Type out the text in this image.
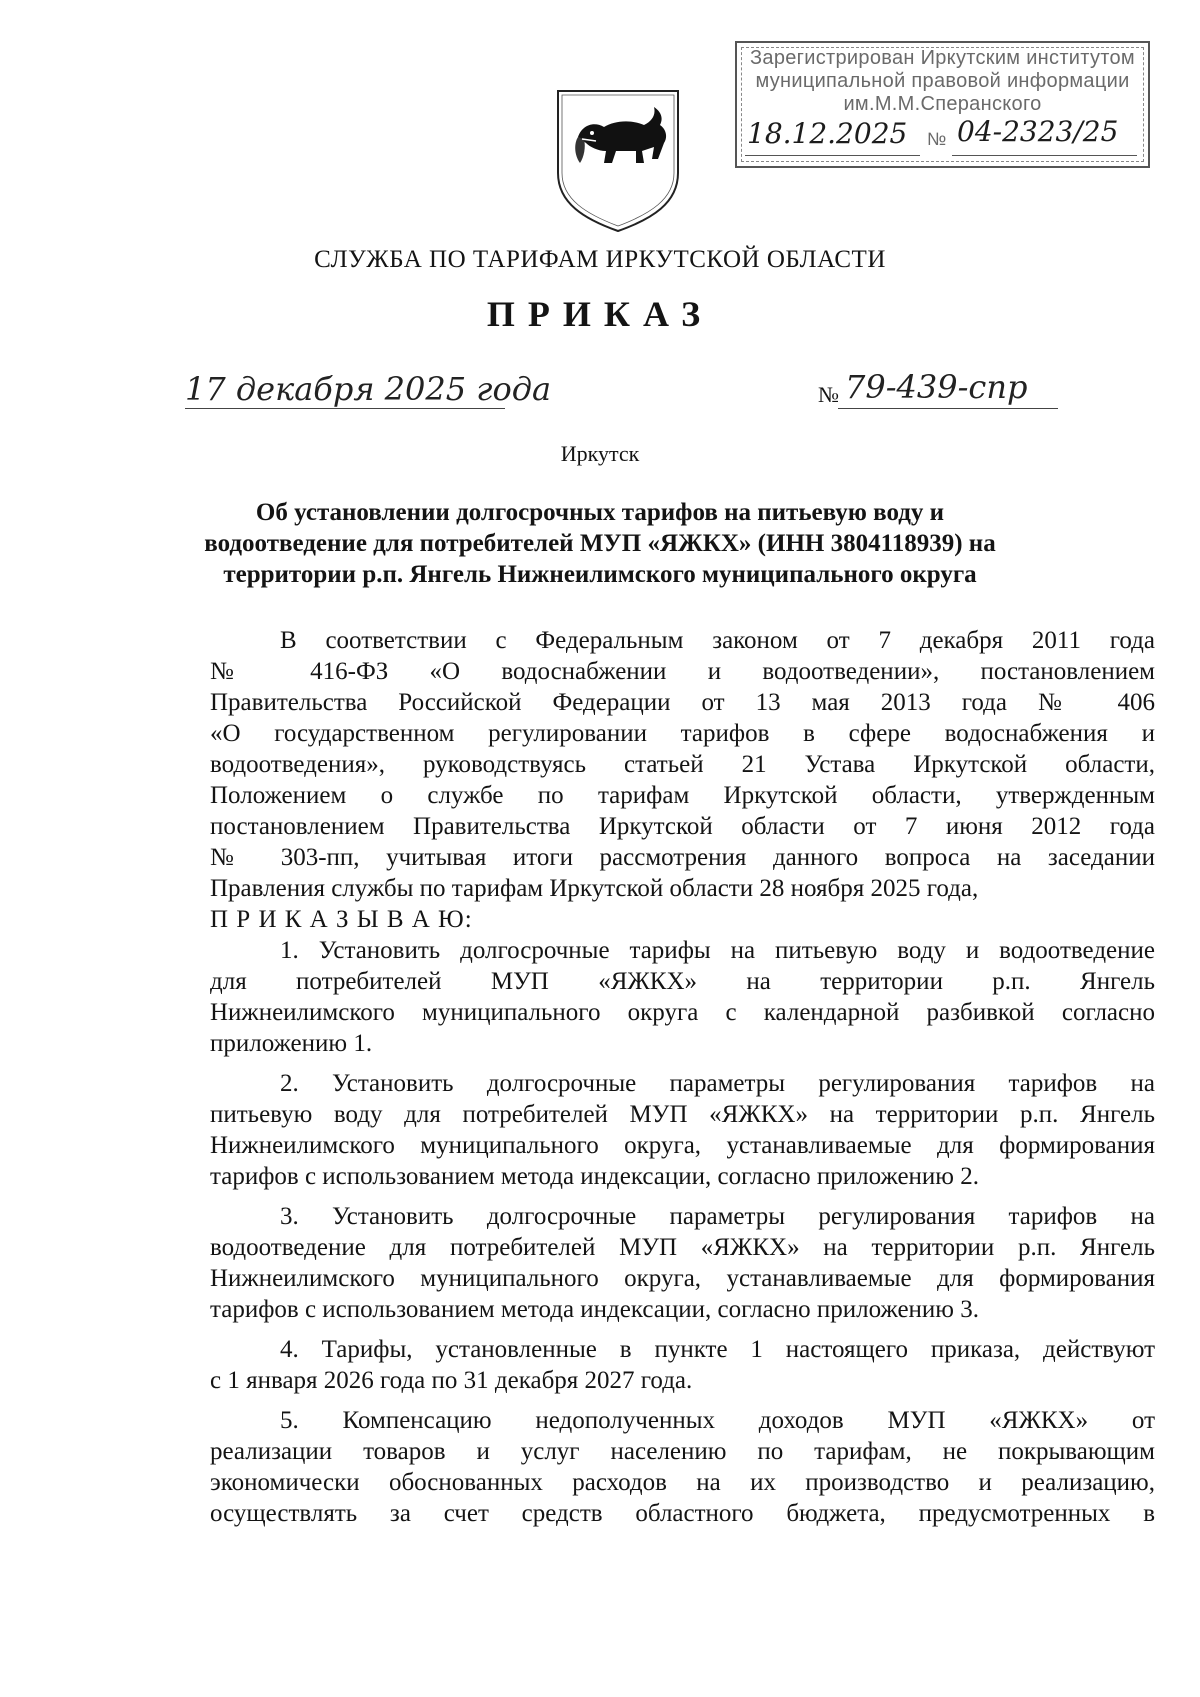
Зарегистрирован Иркутским институтом
муниципальной правовой информации
им.М.М.Сперанского
18.12.2025 № 04-2323/25
СЛУЖБА ПО ТАРИФАМ ИРКУТСКОЙ ОБЛАСТИ
ПРИКАЗ
17 декабря 2025 года	№ 79-439-спр
Иркутск
Об установлении долгосрочных тарифов на питьевую воду и
водоотведение для потребителей МУП «ЯЖКХ» (ИНН 3804118939) на
территории р.п. Янгель Нижнеилимского муниципального округа
В соответствии с Федеральным законом от 7 декабря 2011 года
№ 416-ФЗ «О водоснабжении и водоотведении», постановлением
Правительства Российской Федерации от 13 мая 2013 года № 406
«О государственном регулировании тарифов в сфере водоснабжения и
водоотведения», руководствуясь статьей 21 Устава Иркутской области,
Положением о службе по тарифам Иркутской области, утвержденным
постановлением Правительства Иркутской области от 7 июня 2012 года
№ 303-пп, учитывая итоги рассмотрения данного вопроса на заседании
Правления службы по тарифам Иркутской области 28 ноября 2025 года,
П Р И К А З Ы В А Ю:
1. Установить долгосрочные тарифы на питьевую воду и водоотведение
для потребителей МУП «ЯЖКХ» на территории р.п. Янгель
Нижнеилимского муниципального округа с календарной разбивкой согласно
приложению 1.
2. Установить долгосрочные параметры регулирования тарифов на
питьевую воду для потребителей МУП «ЯЖКХ» на территории р.п. Янгель
Нижнеилимского муниципального округа, устанавливаемые для формирования
тарифов с использованием метода индексации, согласно приложению 2.
3. Установить долгосрочные параметры регулирования тарифов на
водоотведение для потребителей МУП «ЯЖКХ» на территории р.п. Янгель
Нижнеилимского муниципального округа, устанавливаемые для формирования
тарифов с использованием метода индексации, согласно приложению 3.
4. Тарифы, установленные в пункте 1 настоящего приказа, действуют
с 1 января 2026 года по 31 декабря 2027 года.
5. Компенсацию недополученных доходов МУП «ЯЖКХ» от
реализации товаров и услуг населению по тарифам, не покрывающим
экономически обоснованных расходов на их производство и реализацию,
осуществлять за счет средств областного бюджета, предусмотренных в
